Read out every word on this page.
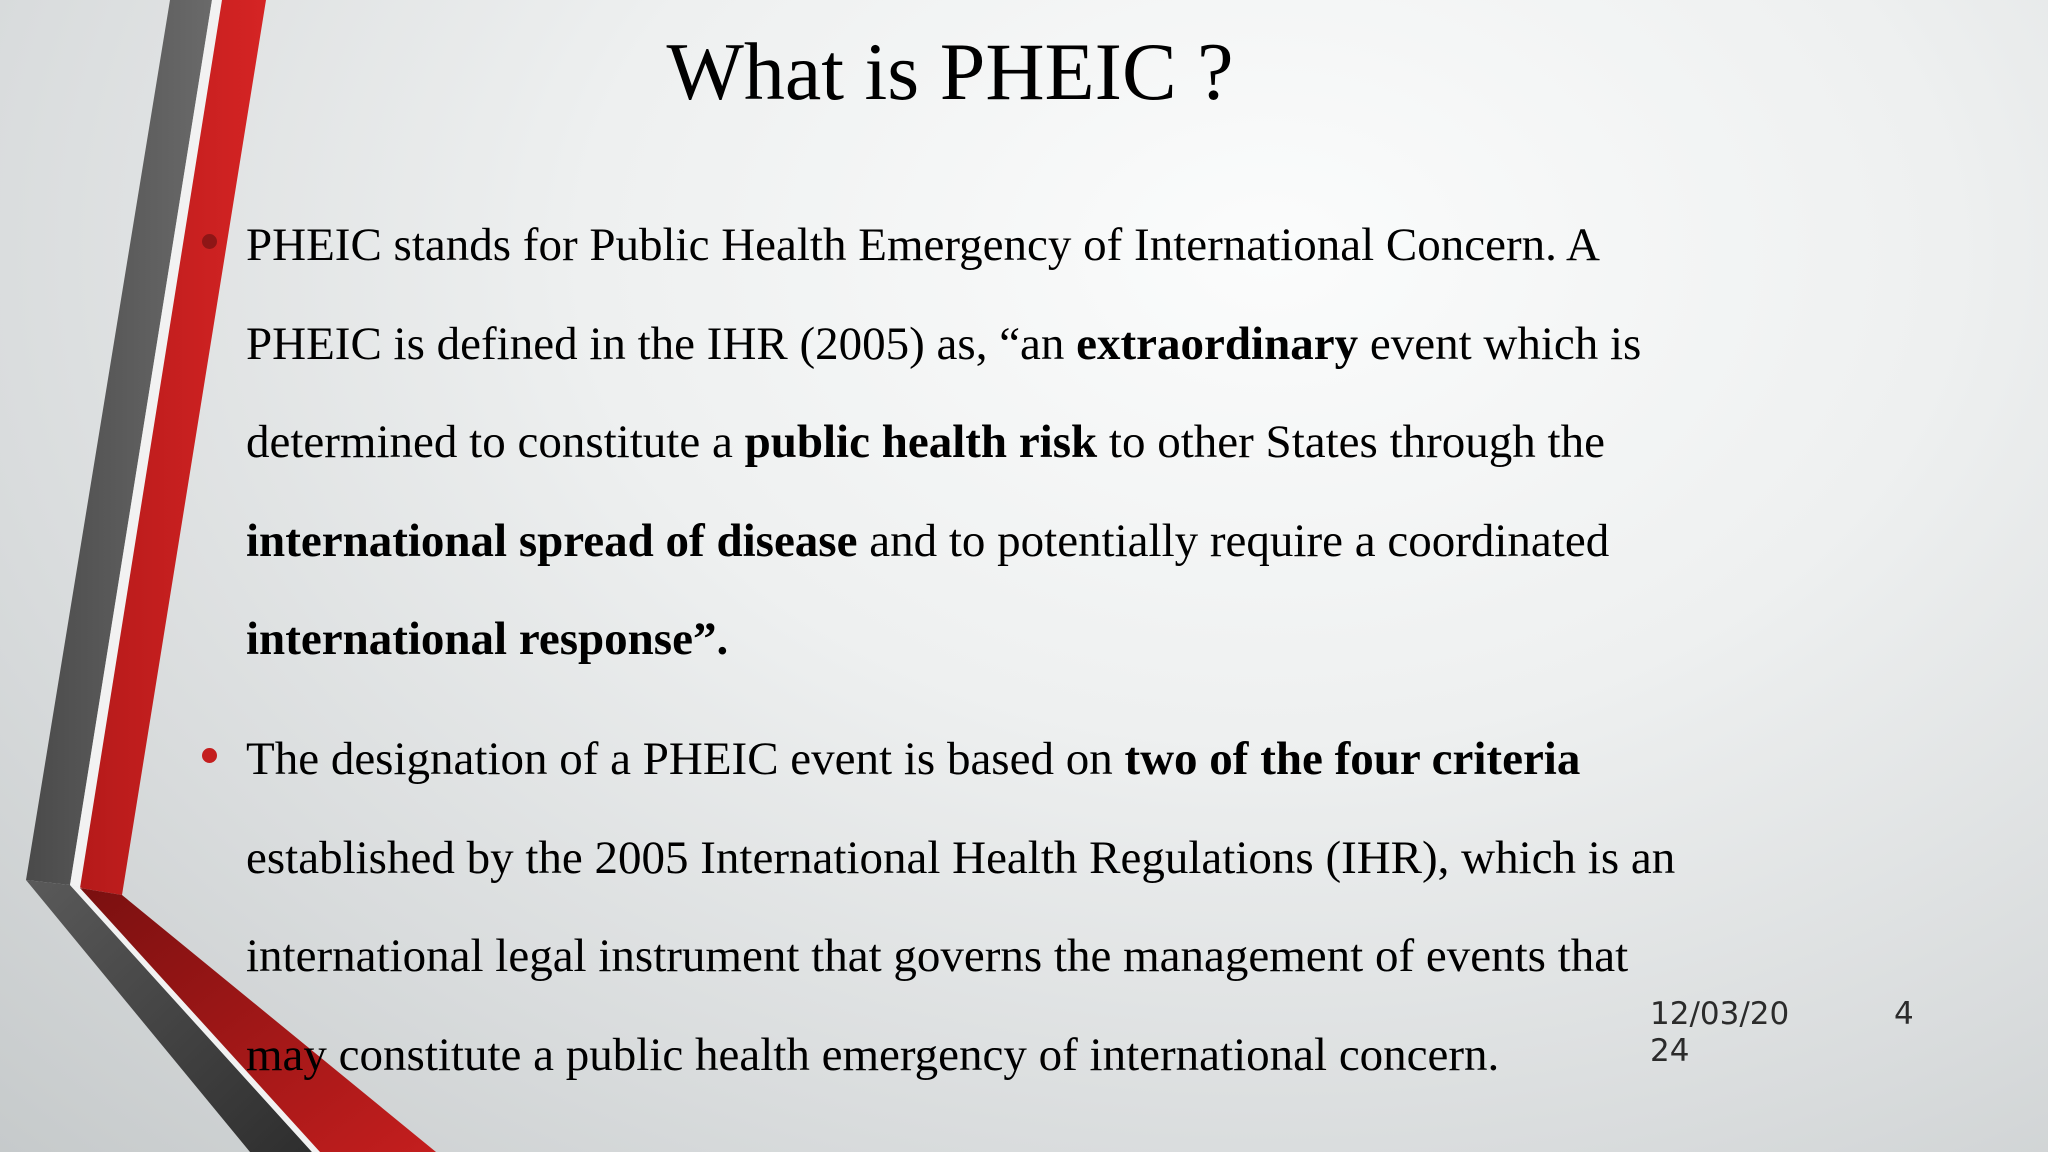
What is PHEIC ?

PHEIC stands for Public Health Emergency of International Concern. A

PHEIC is defined in the IHR (2005) as, “an extraordinary event which is

determined to constitute a public health risk to other States through the

international spread of disease and to potentially require a coordinated

international response”.

The designation of a PHEIC event is based on two of the four criteria

established by the 2005 International Health Regulations (IHR), which is an

international legal instrument that governs the management of events that

may constitute a public health emergency of international concern.

12/03/2024
4
